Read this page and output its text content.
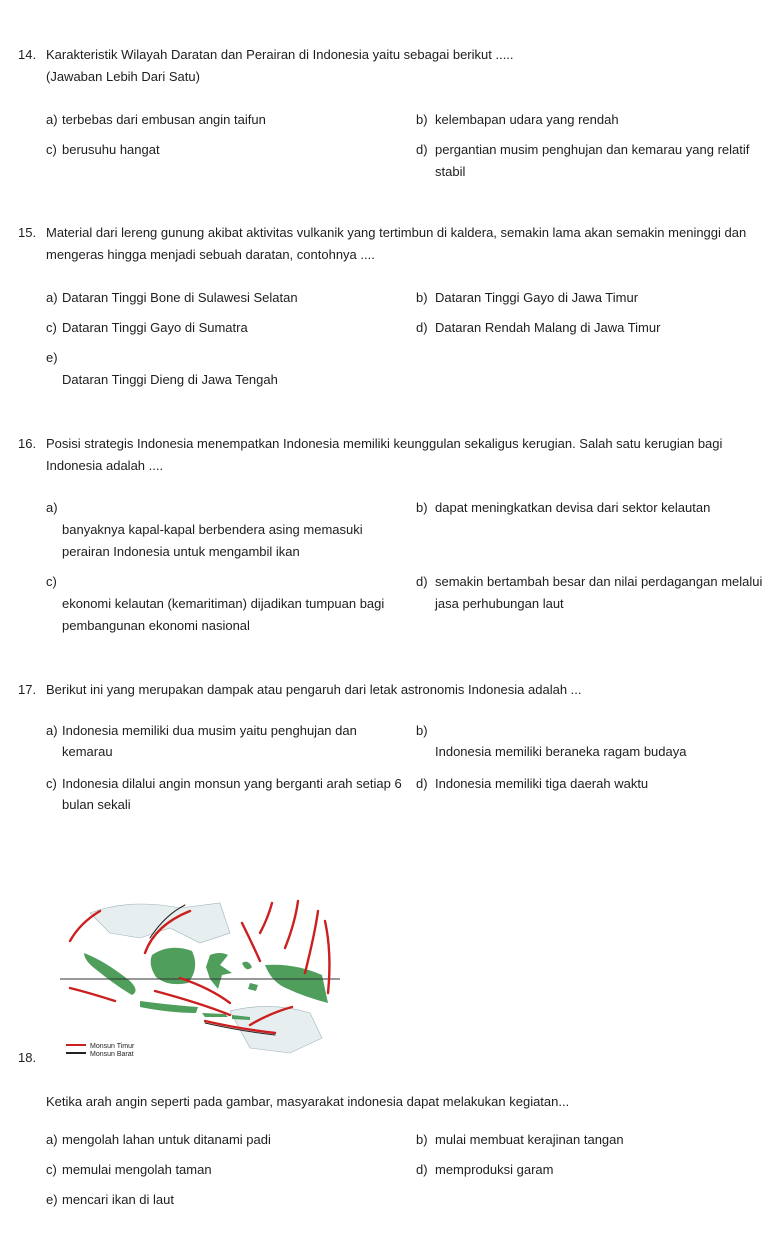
14. Karakteristik Wilayah Daratan dan Perairan di Indonesia yaitu sebagai berikut .....
(Jawaban Lebih Dari Satu)
a) terbebas dari embusan angin taifun	b) kelembapan udara yang rendah
c) berusuhu hangat	d) pergantian musim penghujan dan kemarau yang relatif
stabil
15. Material dari lereng gunung akibat aktivitas vulkanik yang tertimbun di kaldera, semakin lama akan semakin meninggi dan
mengeras hingga menjadi sebuah daratan, contohnya ....
a) Dataran Tinggi Bone di Sulawesi Selatan	b) Dataran Tinggi Gayo di Jawa Timur
c) Dataran Tinggi Gayo di Sumatra	d) Dataran Rendah Malang di Jawa Timur
e)
Dataran Tinggi Dieng di Jawa Tengah
16. Posisi strategis Indonesia menempatkan Indonesia memiliki keunggulan sekaligus kerugian. Salah satu kerugian bagi
Indonesia adalah ....
a)
banyaknya kapal-kapal berbendera asing memasuki
perairan Indonesia untuk mengambil ikan
b) dapat meningkatkan devisa dari sektor kelautan
c)
ekonomi kelautan (kemaritiman) dijadikan tumpuan bagi
pembangunan ekonomi nasional
d) semakin bertambah besar dan nilai perdagangan melalui
jasa perhubungan laut
17. Berikut ini yang merupakan dampak atau pengaruh dari letak astronomis Indonesia adalah ...
a) Indonesia memiliki dua musim yaitu penghujan dan
kemarau
b)
Indonesia memiliki beraneka ragam budaya
c) Indonesia dilalui angin monsun yang berganti arah setiap 6
bulan sekali
d) Indonesia memiliki tiga daerah waktu
Monsun Timur
Monsun Barat
18.
Ketika arah angin seperti pada gambar, masyarakat indonesia dapat melakukan kegiatan...
a) mengolah lahan untuk ditanami padi	b) mulai membuat kerajinan tangan
c) memulai mengolah taman	d) memproduksi garam
e) mencari ikan di laut
